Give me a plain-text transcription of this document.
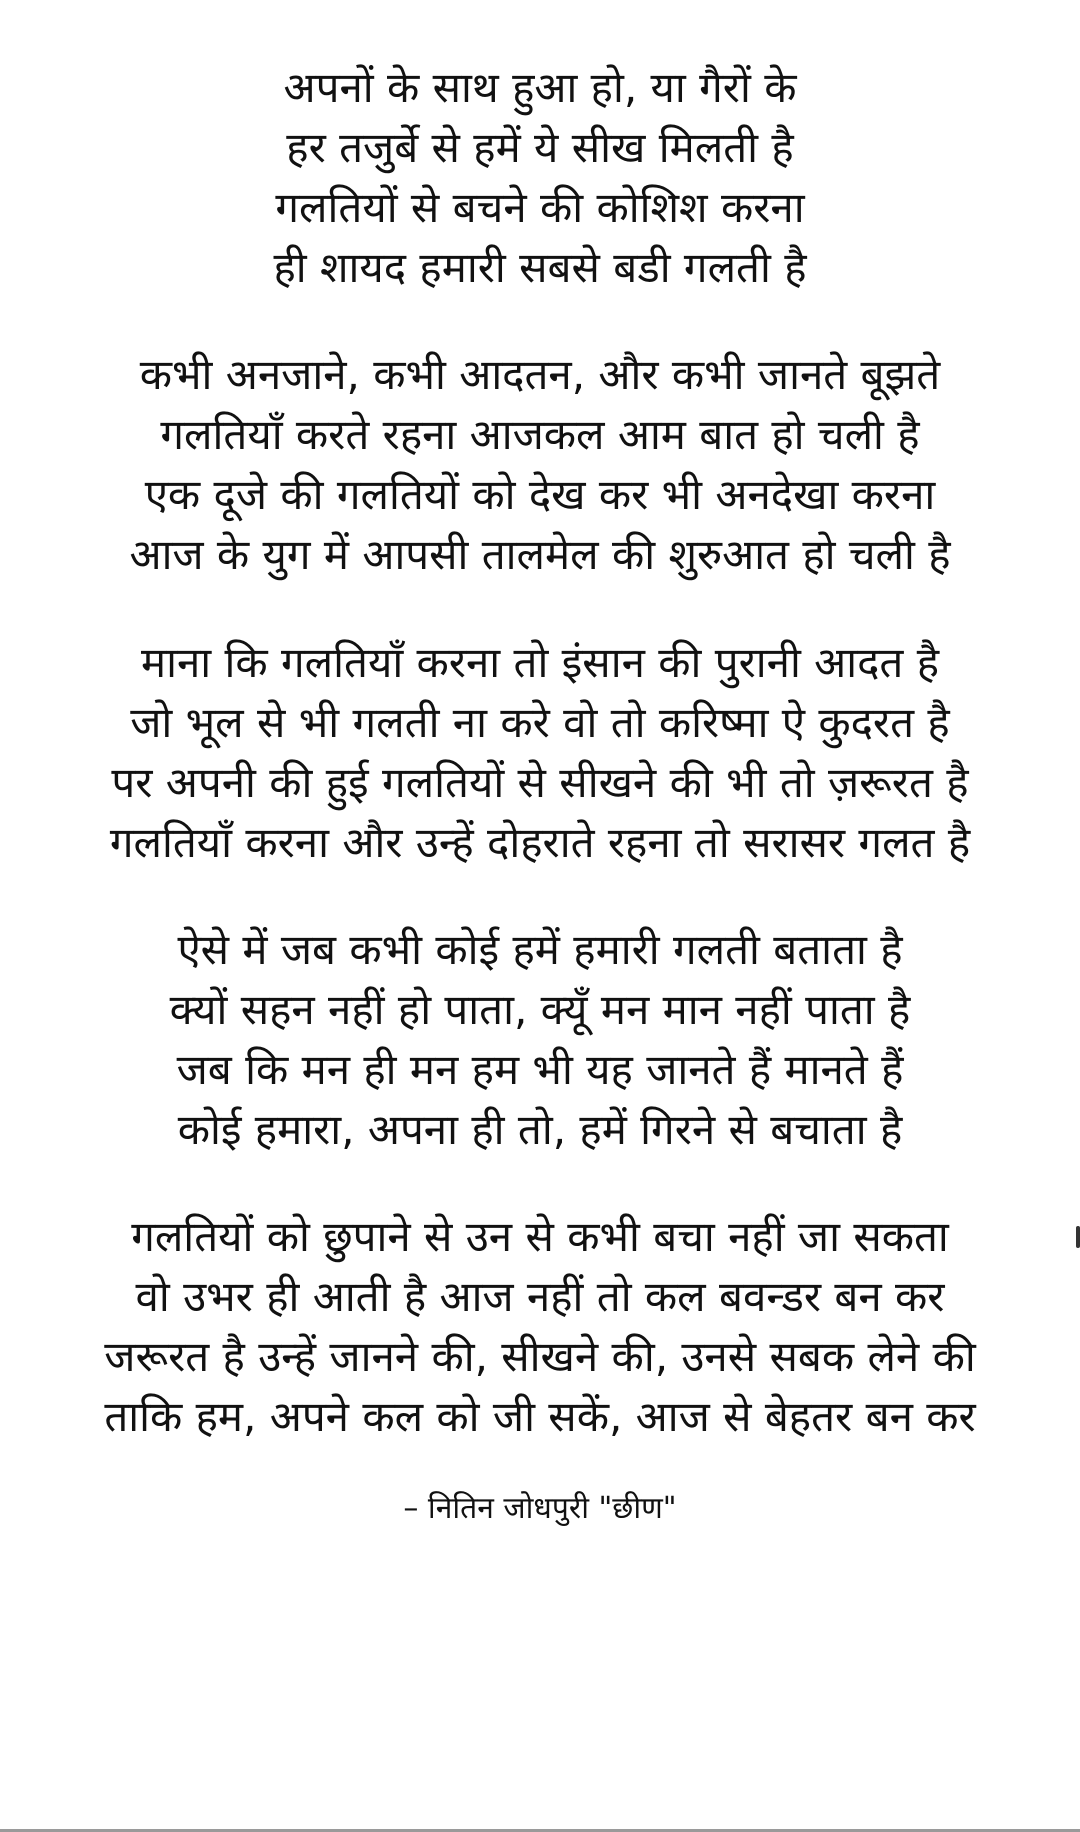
अपनों के साथ हुआ हो, या गैरों के
हर तजुर्बे से हमें ये सीख मिलती है
गलतियों से बचने की कोशिश करना
ही शायद हमारी सबसे बडी गलती है
कभी अनजाने, कभी आदतन, और कभी जानते बूझते
गलतियाँ करते रहना आजकल आम बात हो चली है
एक दूजे की गलतियों को देख कर भी अनदेखा करना
आज के युग में आपसी तालमेल की शुरुआत हो चली है
माना कि गलतियाँ करना तो इंसान की पुरानी आदत है
जो भूल से भी गलती ना करे वो तो करिष्मा ऐ कुदरत है
पर अपनी की हुई गलतियों से सीखने की भी तो ज़रूरत है
गलतियाँ करना और उन्हें दोहराते रहना तो सरासर गलत है
ऐसे में जब कभी कोई हमें हमारी गलती बताता है
क्यों सहन नहीं हो पाता, क्यूँ मन मान नहीं पाता है
जब कि मन ही मन हम भी यह जानते हैं मानते हैं
कोई हमारा, अपना ही तो, हमें गिरने से बचाता है
गलतियों को छुपाने से उन से कभी बचा नहीं जा सकता
वो उभर ही आती है आज नहीं तो कल बवन्डर बन कर
जरूरत है उन्हें जानने की, सीखने की, उनसे सबक लेने की
ताकि हम, अपने कल को जी सकें, आज से बेहतर बन कर
– नितिन जोधपुरी "छीण"
